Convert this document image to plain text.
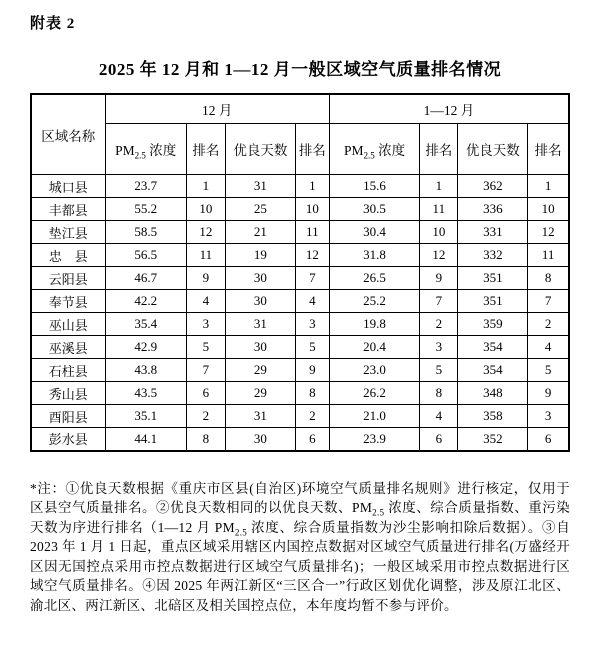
附表 2
2025 年 12 月和 1—12 月一般区域空气质量排名情况
区域名称	12 月				1—12 月			
	$PM_{2.5}$ 浓度	排名	优良天数	排名	$PM_{2.5}$ 浓度	排名	优良天数	排名
城口县	23.7	1	31	1	15.6	1	362	1
丰都县	55.2	10	25	10	30.5	11	336	10
垫江县	58.5	12	21	11	30.4	10	331	12
忠　县	56.5	11	19	12	31.8	12	332	11
云阳县	46.7	9	30	7	26.5	9	351	8
奉节县	42.2	4	30	4	25.2	7	351	7
巫山县	35.4	3	31	3	19.8	2	359	2
巫溪县	42.9	5	30	5	20.4	3	354	4
石柱县	43.8	7	29	9	23.0	5	354	5
秀山县	43.5	6	29	8	26.2	8	348	9
酉阳县	35.1	2	31	2	21.0	4	358	3
彭水县	44.1	8	30	6	23.9	6	352	6

*注：①优良天数根据《重庆市区县(自治区)环境空气质量排名规则》进行核定，仅用于区县空气质量排名。②优良天数相同的以优良天数、$PM_{2.5}$ 浓度、综合质量指数、重污染天数为序进行排名（1—12 月 $PM_{2.5}$ 浓度、综合质量指数为沙尘影响扣除后数据）。③自 2023 年 1 月 1 日起，重点区域采用辖区内国控点数据对区域空气质量进行排名(万盛经开区因无国控点采用市控点数据进行区域空气质量排名)；一般区域采用市控点数据进行区域空气质量排名。④因 2025 年两江新区“三区合一”行政区划优化调整，涉及原江北区、渝北区、两江新区、北碚区及相关国控点位，本年度均暂不参与评价。
